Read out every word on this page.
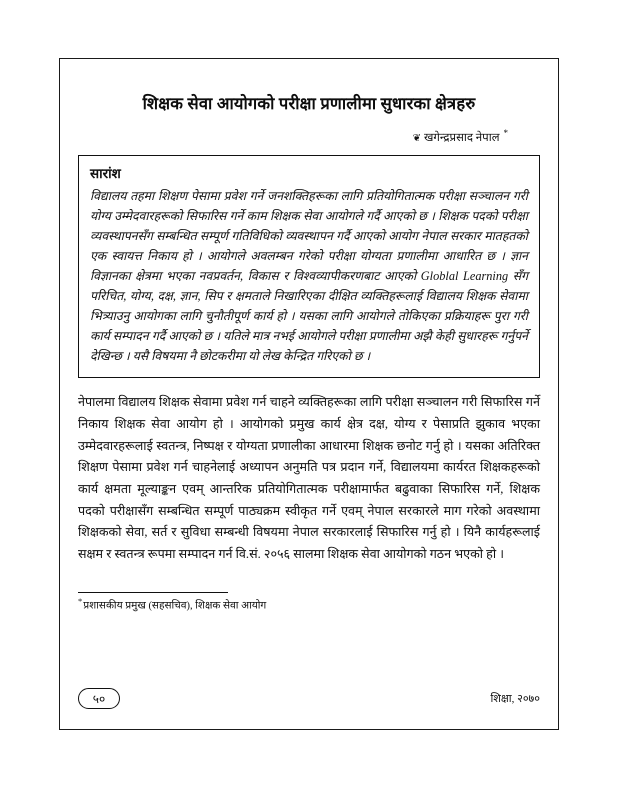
शिक्षक सेवा आयोगको परीक्षा प्रणालीमा सुधारका क्षेत्रहरु
❦ खगेन्द्रप्रसाद नेपाल *
सारांश

विद्यालय तहमा शिक्षण पेसामा प्रवेश गर्ने जनशक्तिहरूका लागि प्रतियोगितात्मक परीक्षा सञ्चालन गरी योग्य उम्मेदवारहरूको सिफारिस गर्ने काम शिक्षक सेवा आयोगले गर्दै आएको छ । शिक्षक पदको परीक्षा व्यवस्थापनसँग सम्बन्धित सम्पूर्ण गतिविधिको व्यवस्थापन गर्दै आएको आयोग नेपाल सरकार मातहतको एक स्वायत्त निकाय हो । आयोगले अवलम्बन गरेको परीक्षा योग्यता प्रणालीमा आधारित छ । ज्ञान विज्ञानका क्षेत्रमा भएका नवप्रवर्तन, विकास र विश्वव्यापीकरणबाट आएको Globlal Learning सँग परिचित, योग्य, दक्ष, ज्ञान, सिप र क्षमताले निखारिएका दीक्षित व्यक्तिहरूलाई विद्यालय शिक्षक सेवामा भित्र्याउनु आयोगका लागि चुनौतीपूर्ण कार्य हो । यसका लागि आयोगले तोकिएका प्रक्रियाहरू पुरा गरी कार्य सम्पादन गर्दै आएको छ । यतिले मात्र नभई आयोगले परीक्षा प्रणालीमा अझै केही सुधारहरू गर्नुपर्ने देखिन्छ । यसै विषयमा नै छोटकरीमा यो लेख केन्द्रित गरिएको छ ।

नेपालमा विद्यालय शिक्षक सेवामा प्रवेश गर्न चाहने व्यक्तिहरूका लागि परीक्षा सञ्चालन गरी सिफारिस गर्ने निकाय शिक्षक सेवा आयोग हो । आयोगको प्रमुख कार्य क्षेत्र दक्ष, योग्य र पेसाप्रति झुकाव भएका उम्मेदवारहरूलाई स्वतन्त्र, निष्पक्ष र योग्यता प्रणालीका आधारमा शिक्षक छनोट गर्नु हो । यसका अतिरिक्त शिक्षण पेसामा प्रवेश गर्न चाहनेलाई अध्यापन अनुमति पत्र प्रदान गर्ने, विद्यालयमा कार्यरत शिक्षकहरूको कार्य क्षमता मूल्याङ्कन एवम् आन्तरिक प्रतियोगितात्मक परीक्षामार्फत बढुवाका सिफारिस गर्ने, शिक्षक पदको परीक्षासँग सम्बन्धित सम्पूर्ण पाठ्यक्रम स्वीकृत गर्ने एवम् नेपाल सरकारले माग गरेको अवस्थामा शिक्षकको सेवा, सर्त र सुविधा सम्बन्धी विषयमा नेपाल सरकारलाई सिफारिस गर्नु हो । यिनै कार्यहरूलाई सक्षम र स्वतन्त्र रूपमा सम्पादन गर्न वि.सं. २०५६ सालमा शिक्षक सेवा आयोगको गठन भएको हो ।

*प्रशासकीय प्रमुख (सहसचिव), शिक्षक सेवा आयोग

५०	शिक्षा, २०७०
